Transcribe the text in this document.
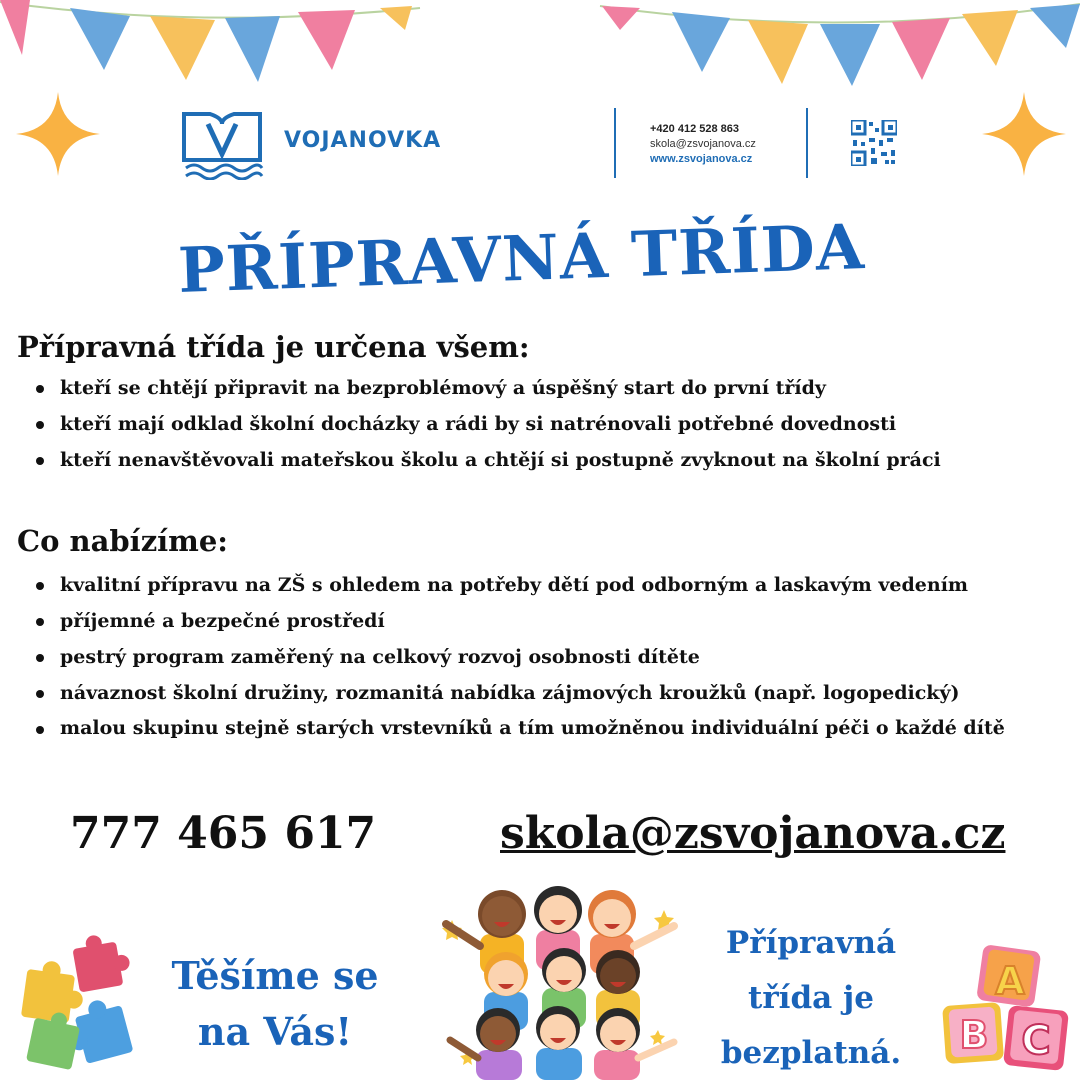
VOJANOVKA	+420 412 528 863
skola@zsvojanova.cz
www.zsvojanova.cz
PŘÍPRAVNÁ TŘÍDA
Přípravná třída je určena všem:
kteří se chtějí připravit na bezproblémový a úspěšný start do první třídy
kteří mají odklad školní docházky a rádi by si natrénovali potřebné dovednosti
kteří nenavštěvovali mateřskou školu a chtějí si postupně zvyknout na školní práci
Co nabízíme:
kvalitní přípravu na ZŠ s ohledem na potřeby dětí pod odborným a laskavým vedením
příjemné a bezpečné prostředí
pestrý program zaměřený na celkový rozvoj osobnosti dítěte
návaznost školní družiny, rozmanitá nabídka zájmových kroužků (např. logopedický)
malou skupinu stejně starých vrstevníků a tím umožněnou individuální péči o každé dítě
777 465 617	skola@zsvojanova.cz
Těšíme se
na Vás!
Přípravná
třída je
bezplatná.
A
B C
